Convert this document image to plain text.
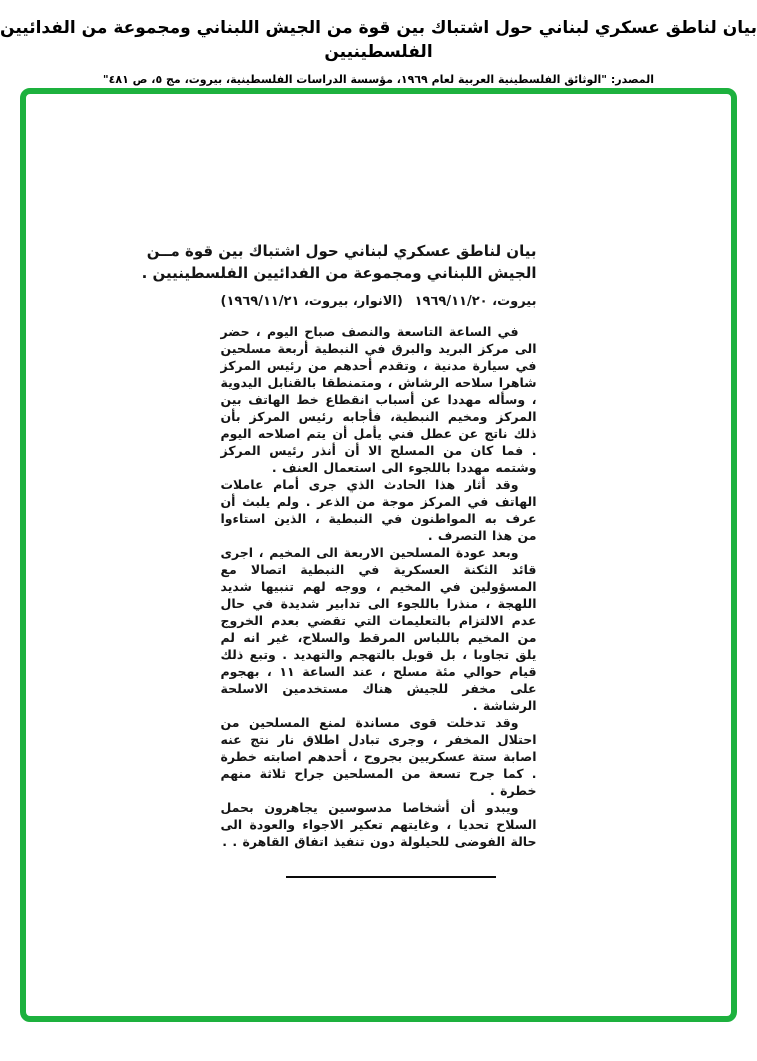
بيان لناطق عسكري لبناني حول اشتباك بين قوة من الجيش اللبناني ومجموعة من الفدائيين الفلسطينيين
المصدر: "الوثائق الفلسطينية العربية لعام ١٩٦٩، مؤسسة الدراسات الفلسطينية، بيروت، مج ٥، ص ٤٨١"
بيان لناطق عسكري لبناني حول اشتباك بين قوة مــن
الجيش اللبناني ومجموعة من الفدائيين الفلسطينيين .
بيروت، ١٩٦٩/١١/٢٠
(الانوار، بيروت، ١٩٦٩/١١/٢١)

في الساعة التاسعة والنصف صباح اليوم ، حضر الى مركز البريد والبرق في النبطية أربعة مسلحين في سيارة مدنية ، وتقدم أحدهم من رئيس المركز شاهرا سلاحه الرشاش ، ومتمنطقا بالقنابل اليدوية ، وسأله مهددا عن أسباب انقطاع خط الهاتف بين المركز ومخيم النبطية، فأجابه رئيس المركز بأن ذلك ناتج عن عطل فني يأمل أن يتم اصلاحه اليوم . فما كان من المسلح الا أن أنذر رئيس المركز وشتمه مهددا باللجوء الى استعمال العنف .

وقد أثار هذا الحادث الذي جرى أمام عاملات الهاتف في المركز موجة من الذعر . ولم يلبث أن عرف به المواطنون في النبطية ، الذين استاءوا من هذا التصرف .

وبعد عودة المسلحين الاربعة الى المخيم ، اجرى قائد الثكنة العسكرية في النبطية اتصالا مع المسؤولين في المخيم ، ووجه لهم تنبيها شديد اللهجة ، منذرا باللجوء الى تدابير شديدة في حال عدم الالتزام بالتعليمات التي تقضي بعدم الخروج من المخيم باللباس المرقط والسلاح، غير انه لم يلق تجاوبا ، بل قوبل بالتهجم والتهديد . وتبع ذلك قيام حوالي مئة مسلح ، عند الساعة ١١ ، بهجوم على مخفر للجيش هناك مستخدمين الاسلحة الرشاشة .

وقد تدخلت قوى مساندة لمنع المسلحين من احتلال المخفر ، وجرى تبادل اطلاق نار نتج عنه اصابة ستة عسكريين بجروح ، أحدهم اصابته خطرة . كما جرح تسعة من المسلحين جراح ثلاثة منهم خطرة .

ويبدو أن أشخاصا مدسوسين يجاهرون بحمل السلاح تحديا ، وغايتهم تعكير الاجواء والعودة الى حالة الفوضى للحيلولة دون تنفيذ اتفاق القاهرة . .
